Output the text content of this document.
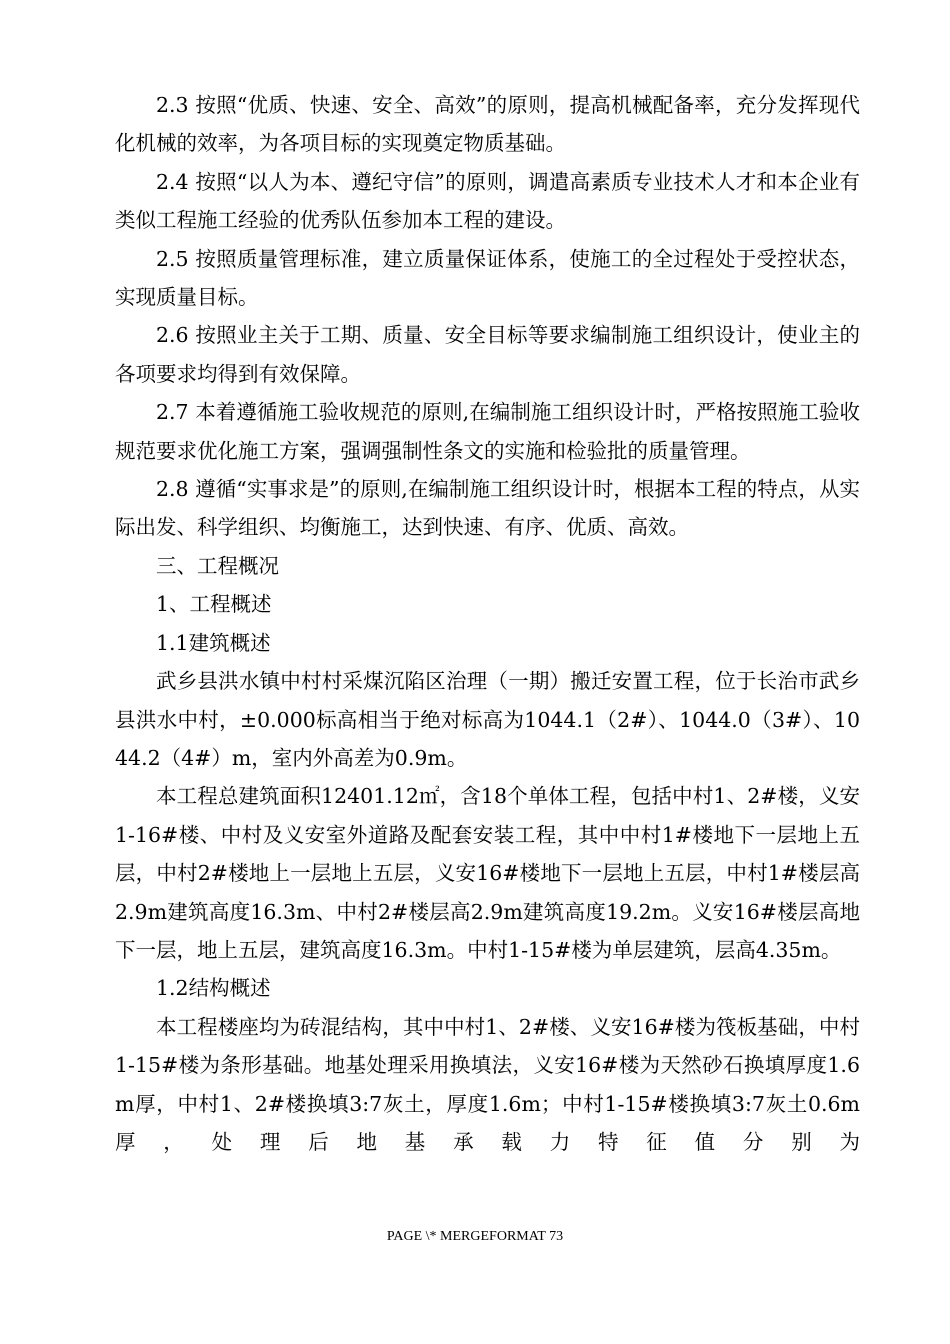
2.3 按照“优质、快速、安全、高效”的原则，提高机械配备率，充分发挥现代化机械的效率，为各项目标的实现奠定物质基础。

2.4 按照“以人为本、遵纪守信”的原则，调遣高素质专业技术人才和本企业有类似工程施工经验的优秀队伍参加本工程的建设。

2.5 按照质量管理标准，建立质量保证体系，使施工的全过程处于受控状态，实现质量目标。

2.6 按照业主关于工期、质量、安全目标等要求编制施工组织设计，使业主的各项要求均得到有效保障。

2.7 本着遵循施工验收规范的原则,在编制施工组织设计时，严格按照施工验收规范要求优化施工方案，强调强制性条文的实施和检验批的质量管理。

2.8 遵循“实事求是”的原则,在编制施工组织设计时，根据本工程的特点，从实际出发、科学组织、均衡施工，达到快速、有序、优质、高效。

三、工程概况

1、工程概述

1.1建筑概述

武乡县洪水镇中村村采煤沉陷区治理（一期）搬迁安置工程，位于长治市武乡县洪水中村，±0.000标高相当于绝对标高为1044.1（2#）、1044.0（3#）、1044.2（4#）m，室内外高差为0.9m。

本工程总建筑面积12401.12㎡，含18个单体工程，包括中村1、2#楼，义安1-16#楼、中村及义安室外道路及配套安装工程，其中中村1#楼地下一层地上五层，中村2#楼地上一层地上五层，义安16#楼地下一层地上五层，中村1#楼层高2.9m建筑高度16.3m、中村2#楼层高2.9m建筑高度19.2m。义安16#楼层高地下一层，地上五层，建筑高度16.3m。中村1-15#楼为单层建筑，层高4.35m。

1.2结构概述

本工程楼座均为砖混结构，其中中村1、2#楼、义安16#楼为筏板基础，中村1-15#楼为条形基础。地基处理采用换填法，义安16#楼为天然砂石换填厚度1.6m厚，中村1、2#楼换填3:7灰土，厚度1.6m；中村1-15#楼换填3:7灰土0.6m厚，处理后地基承载力特征值分别为

PAGE \* MERGEFORMAT 73
